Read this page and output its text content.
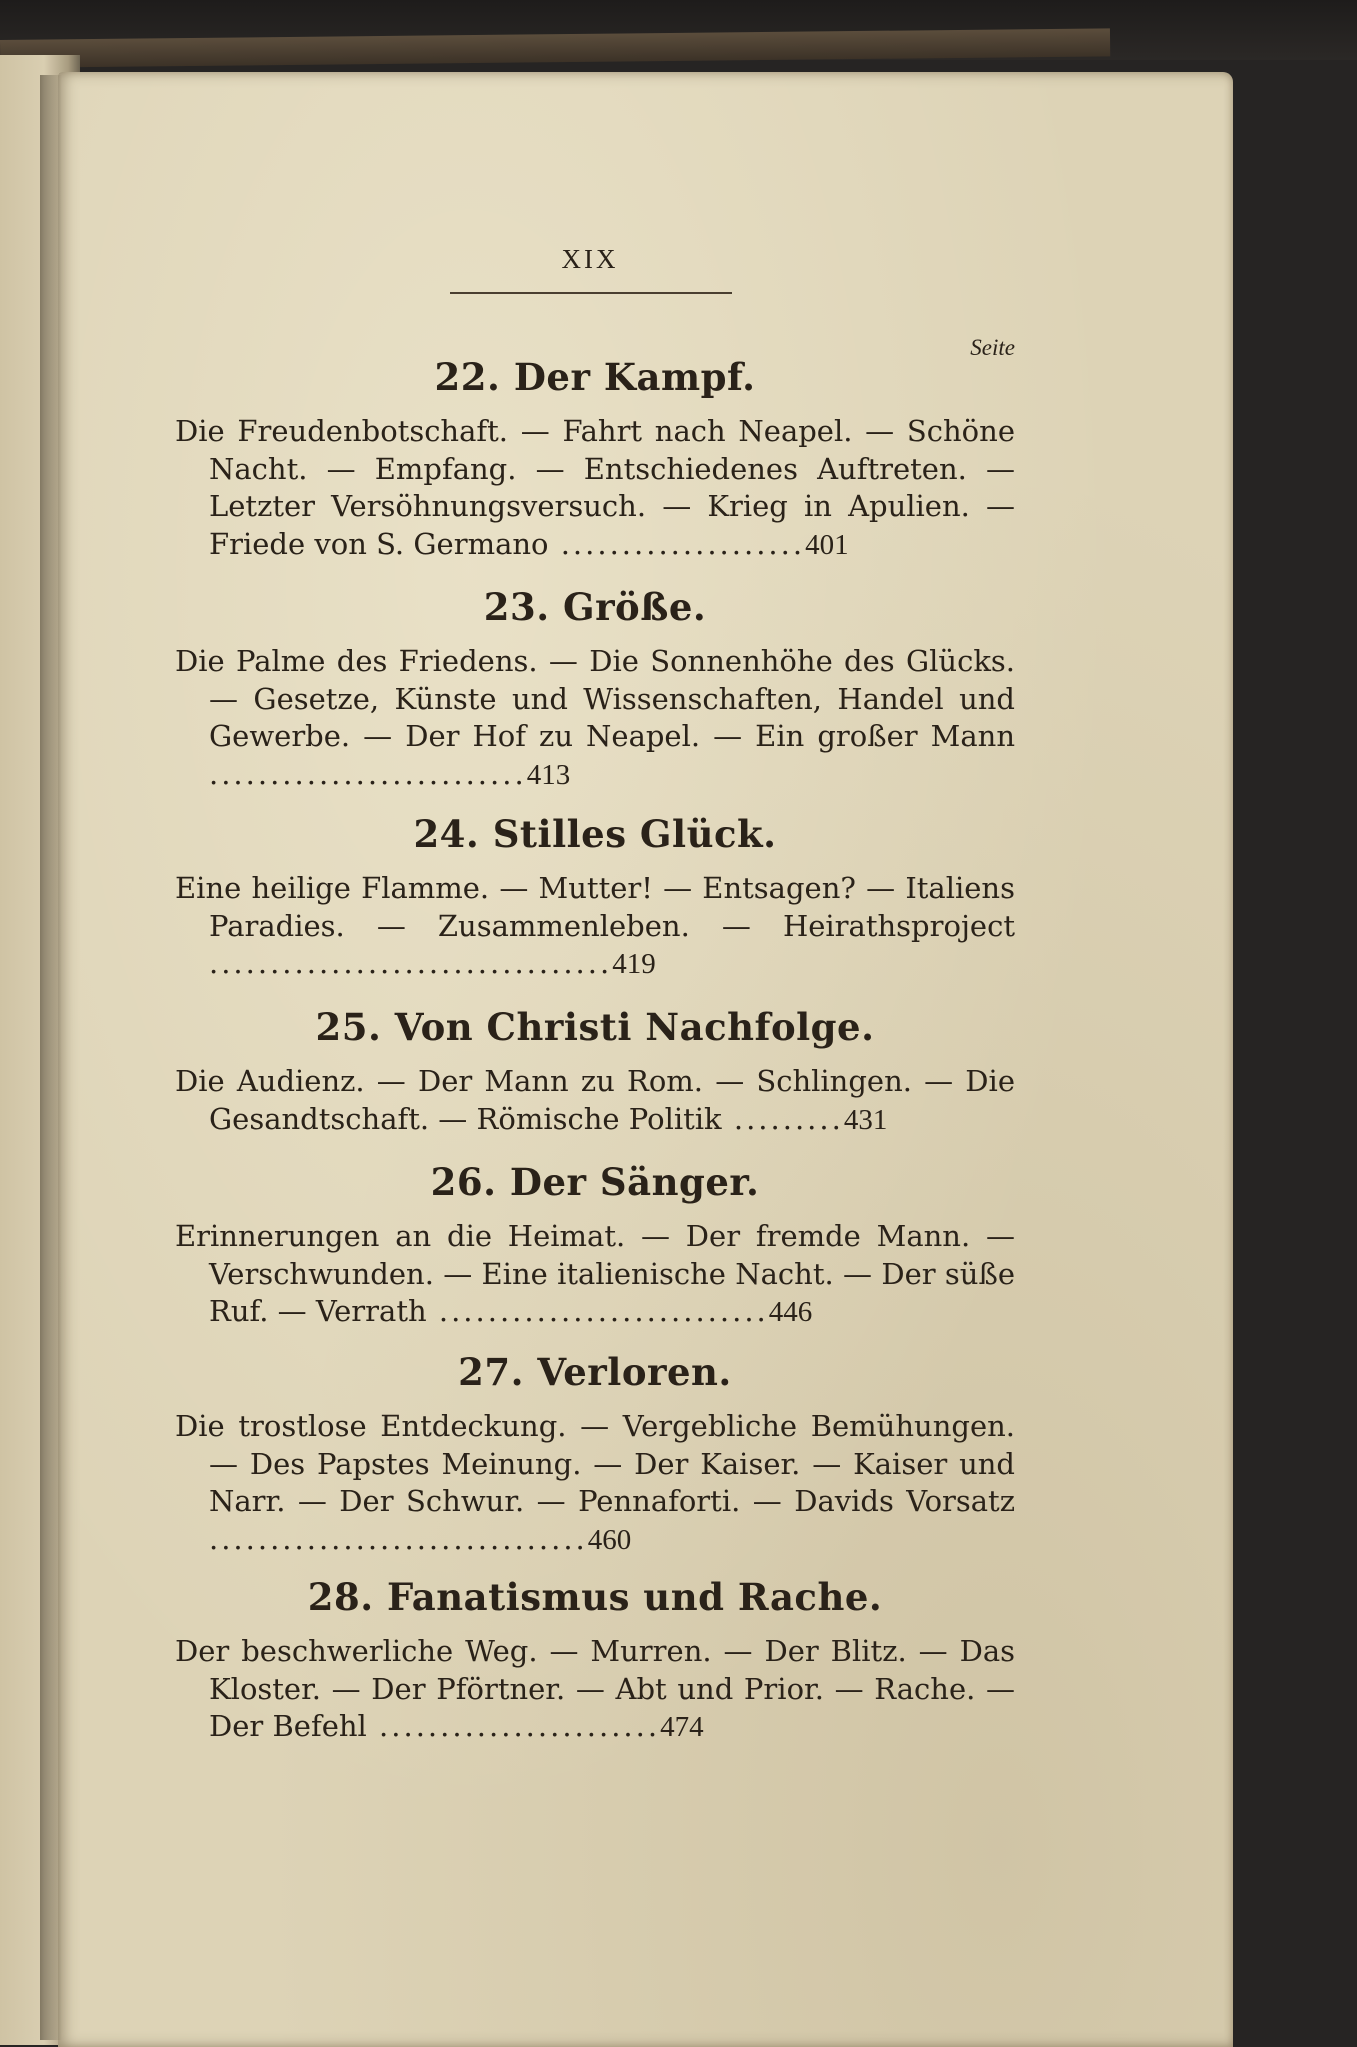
XIX
Seite
22. Der Kampf.
Die Freudenbotschaft. — Fahrt nach Neapel. — Schöne Nacht. — Empfang. — Entschiedenes Auftreten. — Letzter Versöhnungsversuch. — Krieg in Apulien. — Friede von S. Germano ....................401
23. Größe.
Die Palme des Friedens. — Die Sonnenhöhe des Glücks. — Gesetze, Künste und Wissenschaften, Handel und Gewerbe. — Der Hof zu Neapel. — Ein großer Mann ..........................413
24. Stilles Glück.
Eine heilige Flamme. — Mutter! — Entsagen? — Italiens Paradies. — Zusammenleben. — Heirathsproject .................................419
25. Von Christi Nachfolge.
Die Audienz. — Der Mann zu Rom. — Schlingen. — Die Gesandtschaft. — Römische Politik .........431
26. Der Sänger.
Erinnerungen an die Heimat. — Der fremde Mann. — Verschwunden. — Eine italienische Nacht. — Der süße Ruf. — Verrath ...........................446
27. Verloren.
Die trostlose Entdeckung. — Vergebliche Bemühungen. — Des Papstes Meinung. — Der Kaiser. — Kaiser und Narr. — Der Schwur. — Pennaforti. — Davids Vorsatz ...............................460
28. Fanatismus und Rache.
Der beschwerliche Weg. — Murren. — Der Blitz. — Das Kloster. — Der Pförtner. — Abt und Prior. — Rache. — Der Befehl .......................474
